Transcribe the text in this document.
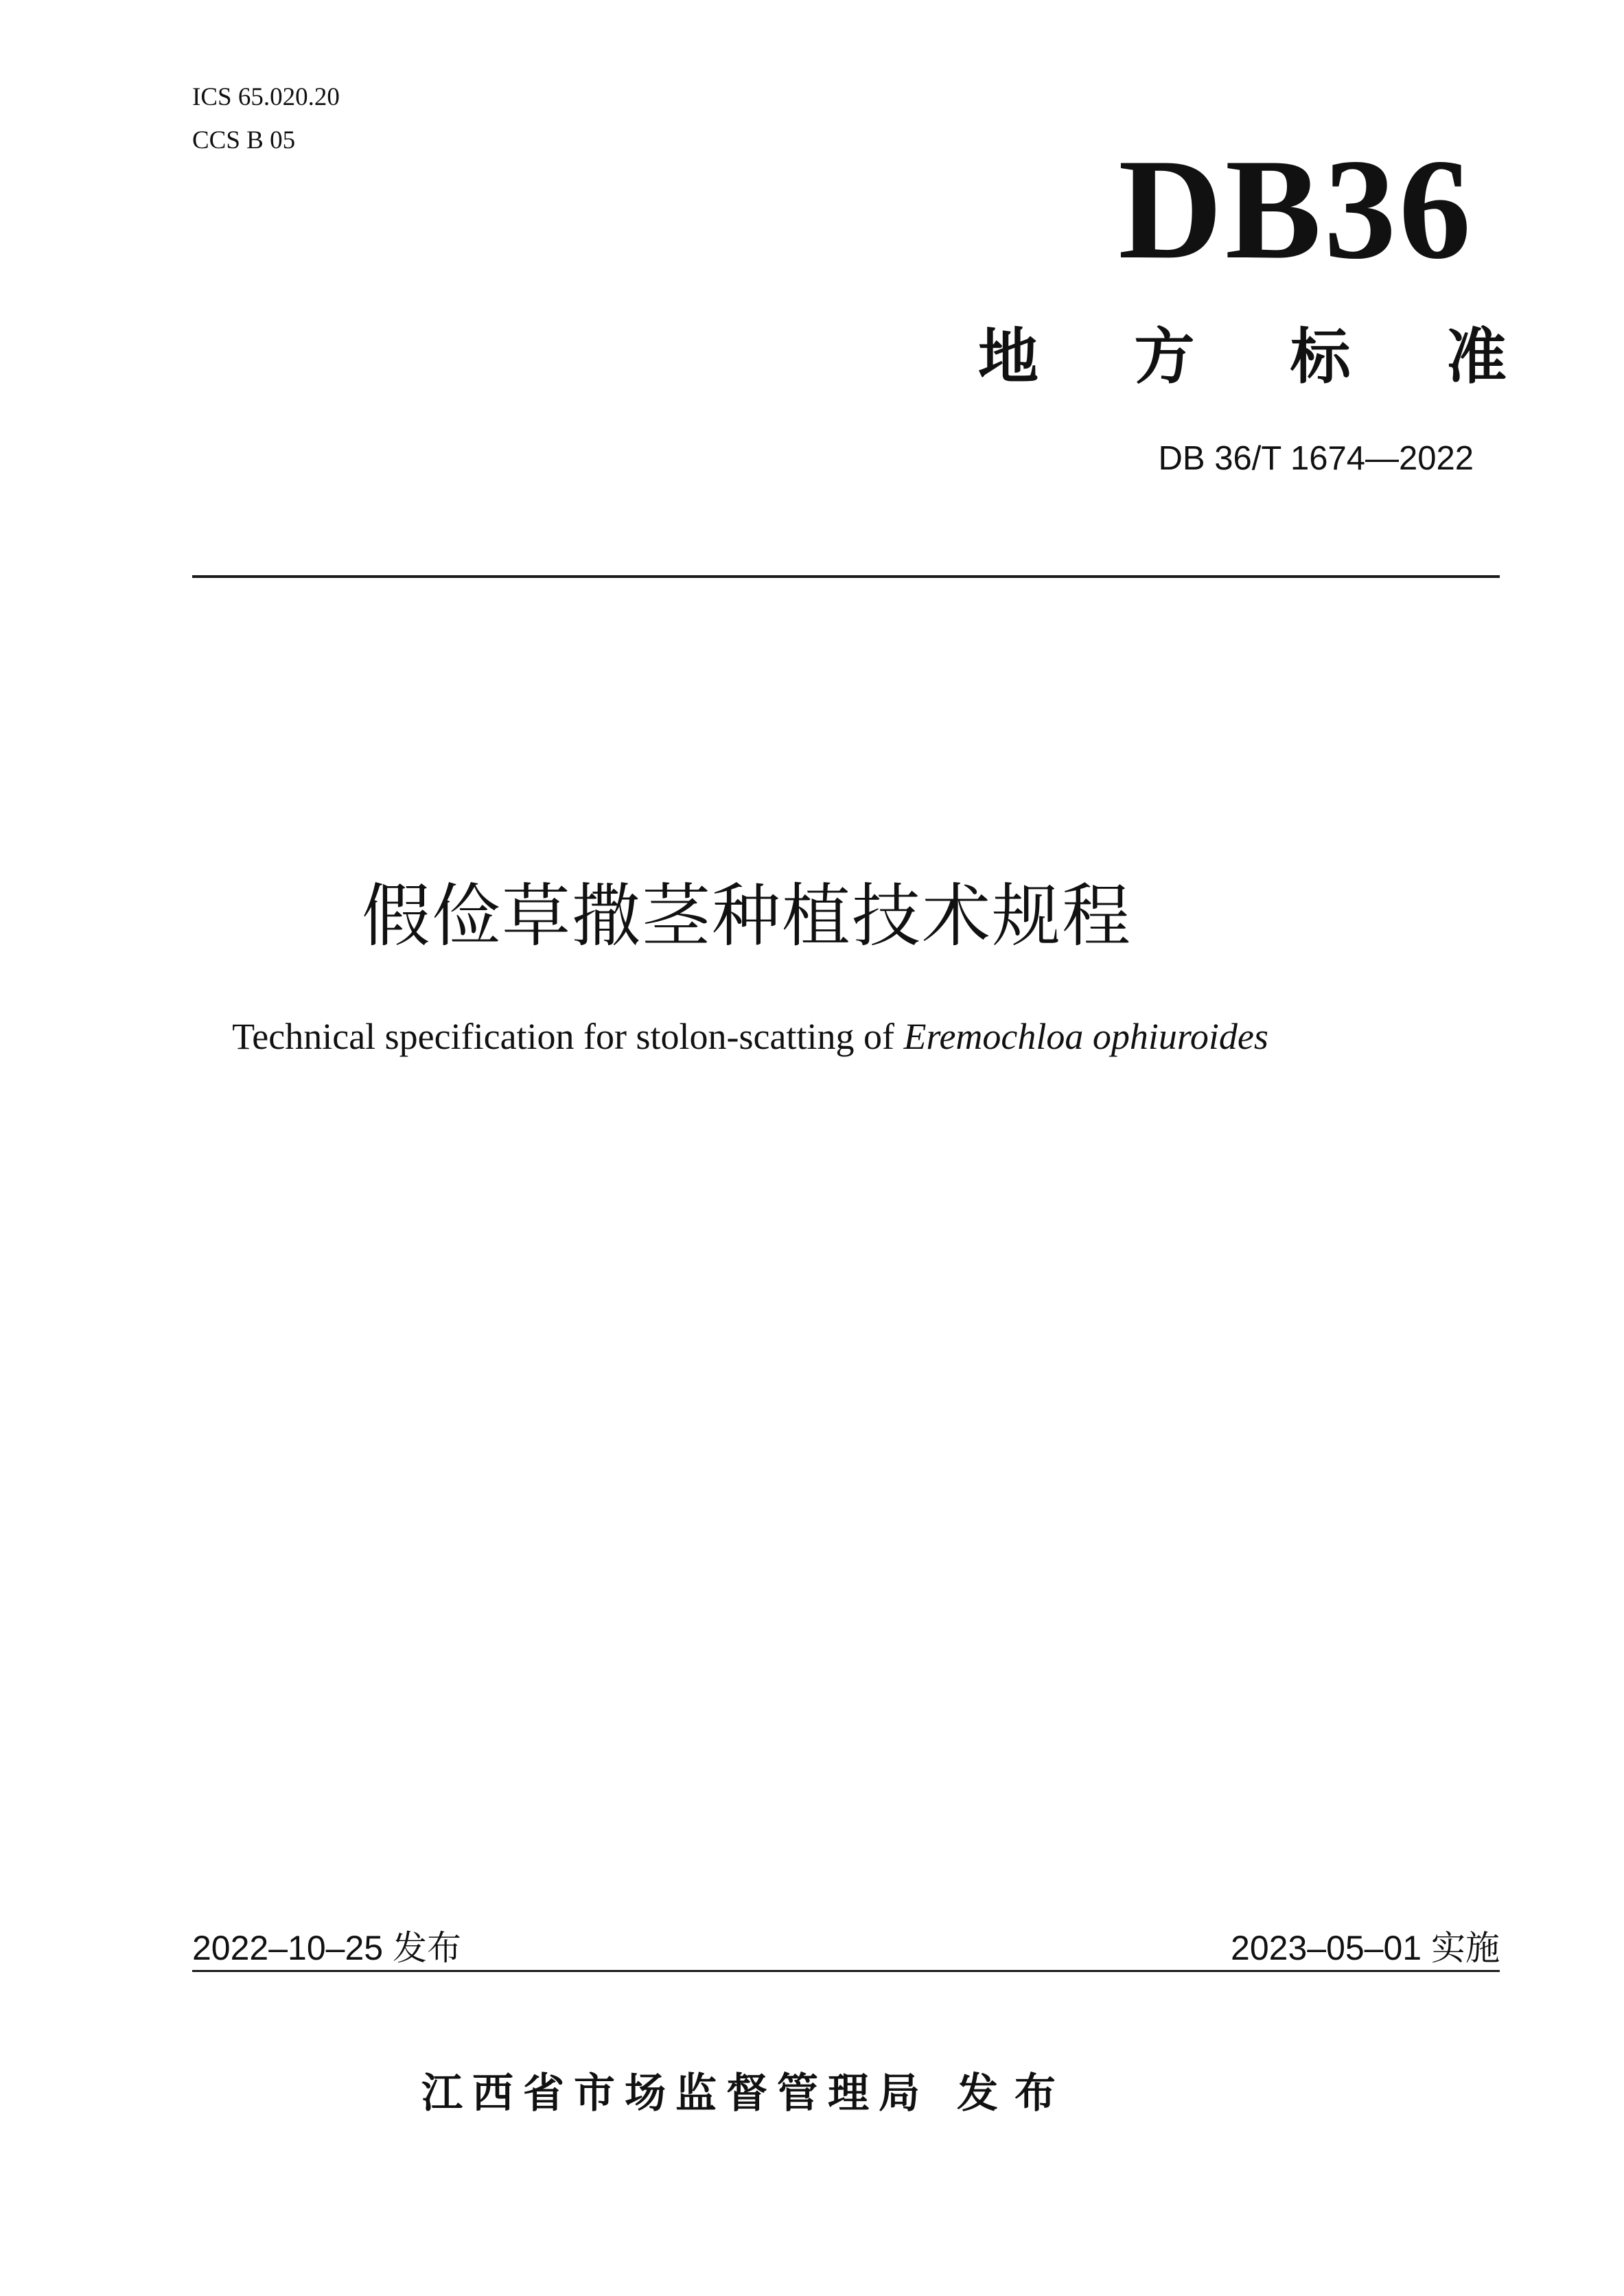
ICS 65.020.20
CCS B 05	DB36
地 方 标 准
DB 36/T 1674—2022
假俭草撒茎种植技术规程
Technical specification for stolon-scatting of Eremochloa ophiuroides
2022‒10‒25 发布	2023‒05‒01 实施
江西省市场监督管理局 发布
